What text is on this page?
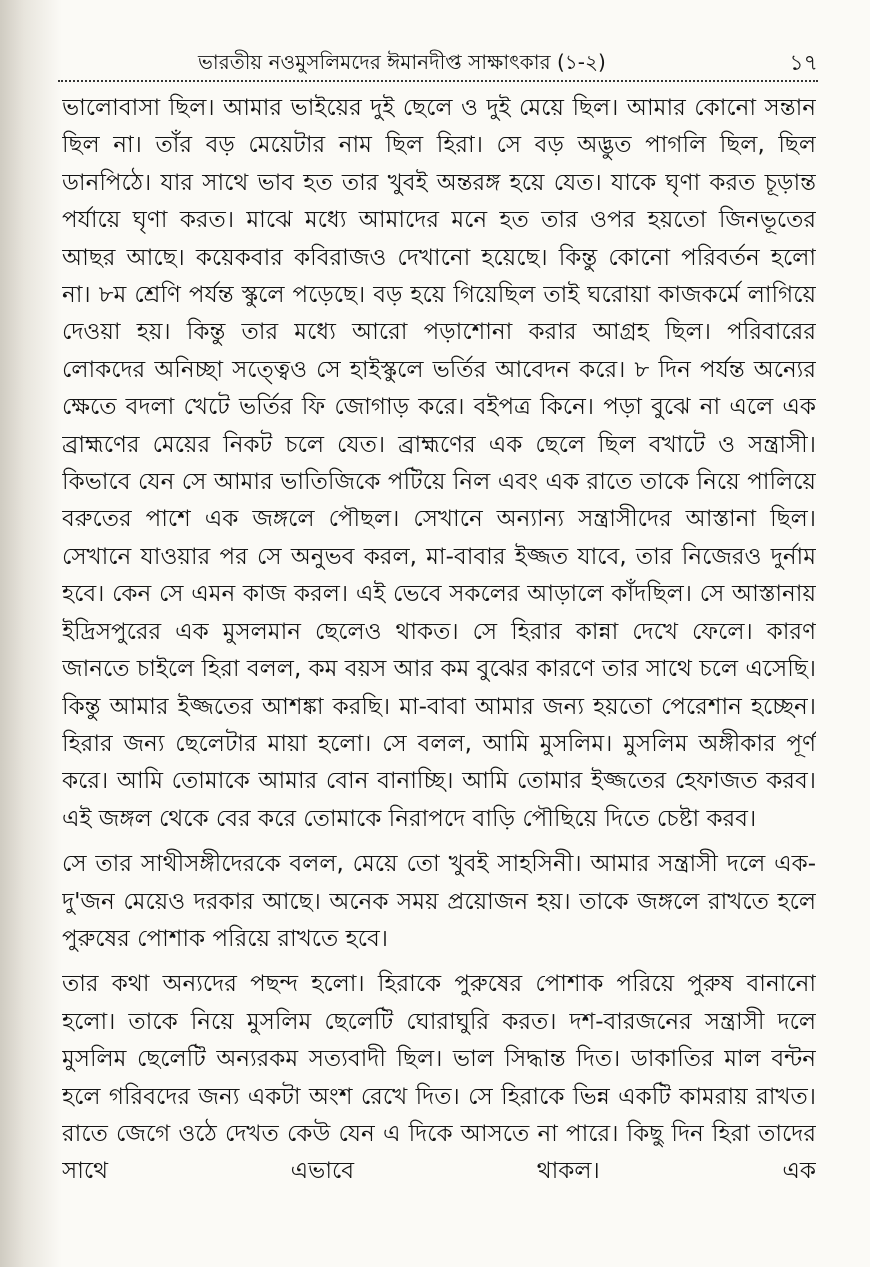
ভারতীয় নওমুসলিমদের ঈমানদীপ্ত সাক্ষাৎকার (১-২)	১৭

ভালোবাসা ছিল। আমার ভাইয়ের দুই ছেলে ও দুই মেয়ে ছিল। আমার কোনো সন্তান ছিল না। তাঁর বড় মেয়েটার নাম ছিল হিরা। সে বড় অদ্ভুত পাগলি ছিল, ছিল ডানপিঠে। যার সাথে ভাব হত তার খুবই অন্তরঙ্গ হয়ে যেত। যাকে ঘৃণা করত চূড়ান্ত পর্যায়ে ঘৃণা করত। মাঝে মধ্যে আমাদের মনে হত তার ওপর হয়তো জিনভূতের আছর আছে। কয়েকবার কবিরাজও দেখানো হয়েছে। কিন্তু কোনো পরিবর্তন হলো না। ৮ম শ্রেণি পর্যন্ত স্কুলে পড়েছে। বড় হয়ে গিয়েছিল তাই ঘরোয়া কাজকর্মে লাগিয়ে দেওয়া হয়। কিন্তু তার মধ্যে আরো পড়াশোনা করার আগ্রহ ছিল। পরিবারের লোকদের অনিচ্ছা সত্ত্বেও সে হাইস্কুলে ভর্তির আবেদন করে। ৮ দিন পর্যন্ত অন্যের ক্ষেতে বদলা খেটে ভর্তির ফি জোগাড় করে। বইপত্র কিনে। পড়া বুঝে না এলে এক ব্রাহ্মণের মেয়ের নিকট চলে যেত। ব্রাহ্মণের এক ছেলে ছিল বখাটে ও সন্ত্রাসী। কিভাবে যেন সে আমার ভাতিজিকে পটিয়ে নিল এবং এক রাতে তাকে নিয়ে পালিয়ে বরুতের পাশে এক জঙ্গলে পৌছল। সেখানে অন্যান্য সন্ত্রাসীদের আস্তানা ছিল। সেখানে যাওয়ার পর সে অনুভব করল, মা-বাবার ইজ্জত যাবে, তার নিজেরও দুর্নাম হবে। কেন সে এমন কাজ করল। এই ভেবে সকলের আড়ালে কাঁদছিল। সে আস্তানায় ইদ্রিসপুরের এক মুসলমান ছেলেও থাকত। সে হিরার কান্না দেখে ফেলে। কারণ জানতে চাইলে হিরা বলল, কম বয়স আর কম বুঝের কারণে তার সাথে চলে এসেছি। কিন্তু আমার ইজ্জতের আশঙ্কা করছি। মা-বাবা আমার জন্য হয়তো পেরেশান হচ্ছেন। হিরার জন্য ছেলেটার মায়া হলো। সে বলল, আমি মুসলিম। মুসলিম অঙ্গীকার পূর্ণ করে। আমি তোমাকে আমার বোন বানাচ্ছি। আমি তোমার ইজ্জতের হেফাজত করব। এই জঙ্গল থেকে বের করে তোমাকে নিরাপদে বাড়ি পৌছিয়ে দিতে চেষ্টা করব।

সে তার সাথীসঙ্গীদেরকে বলল, মেয়ে তো খুবই সাহসিনী। আমার সন্ত্রাসী দলে এক-দু'জন মেয়েও দরকার আছে। অনেক সময় প্রয়োজন হয়। তাকে জঙ্গলে রাখতে হলে পুরুষের পোশাক পরিয়ে রাখতে হবে।

তার কথা অন্যদের পছন্দ হলো। হিরাকে পুরুষের পোশাক পরিয়ে পুরুষ বানানো হলো। তাকে নিয়ে মুসলিম ছেলেটি ঘোরাঘুরি করত। দশ-বারজনের সন্ত্রাসী দলে মুসলিম ছেলেটি অন্যরকম সত্যবাদী ছিল। ভাল সিদ্ধান্ত দিত। ডাকাতির মাল বন্টন হলে গরিবদের জন্য একটা অংশ রেখে দিত। সে হিরাকে ভিন্ন একটি কামরায় রাখত। রাতে জেগে ওঠে দেখত কেউ যেন এ দিকে আসতে না পারে। কিছু দিন হিরা তাদের সাথে এভাবে থাকল। এক
